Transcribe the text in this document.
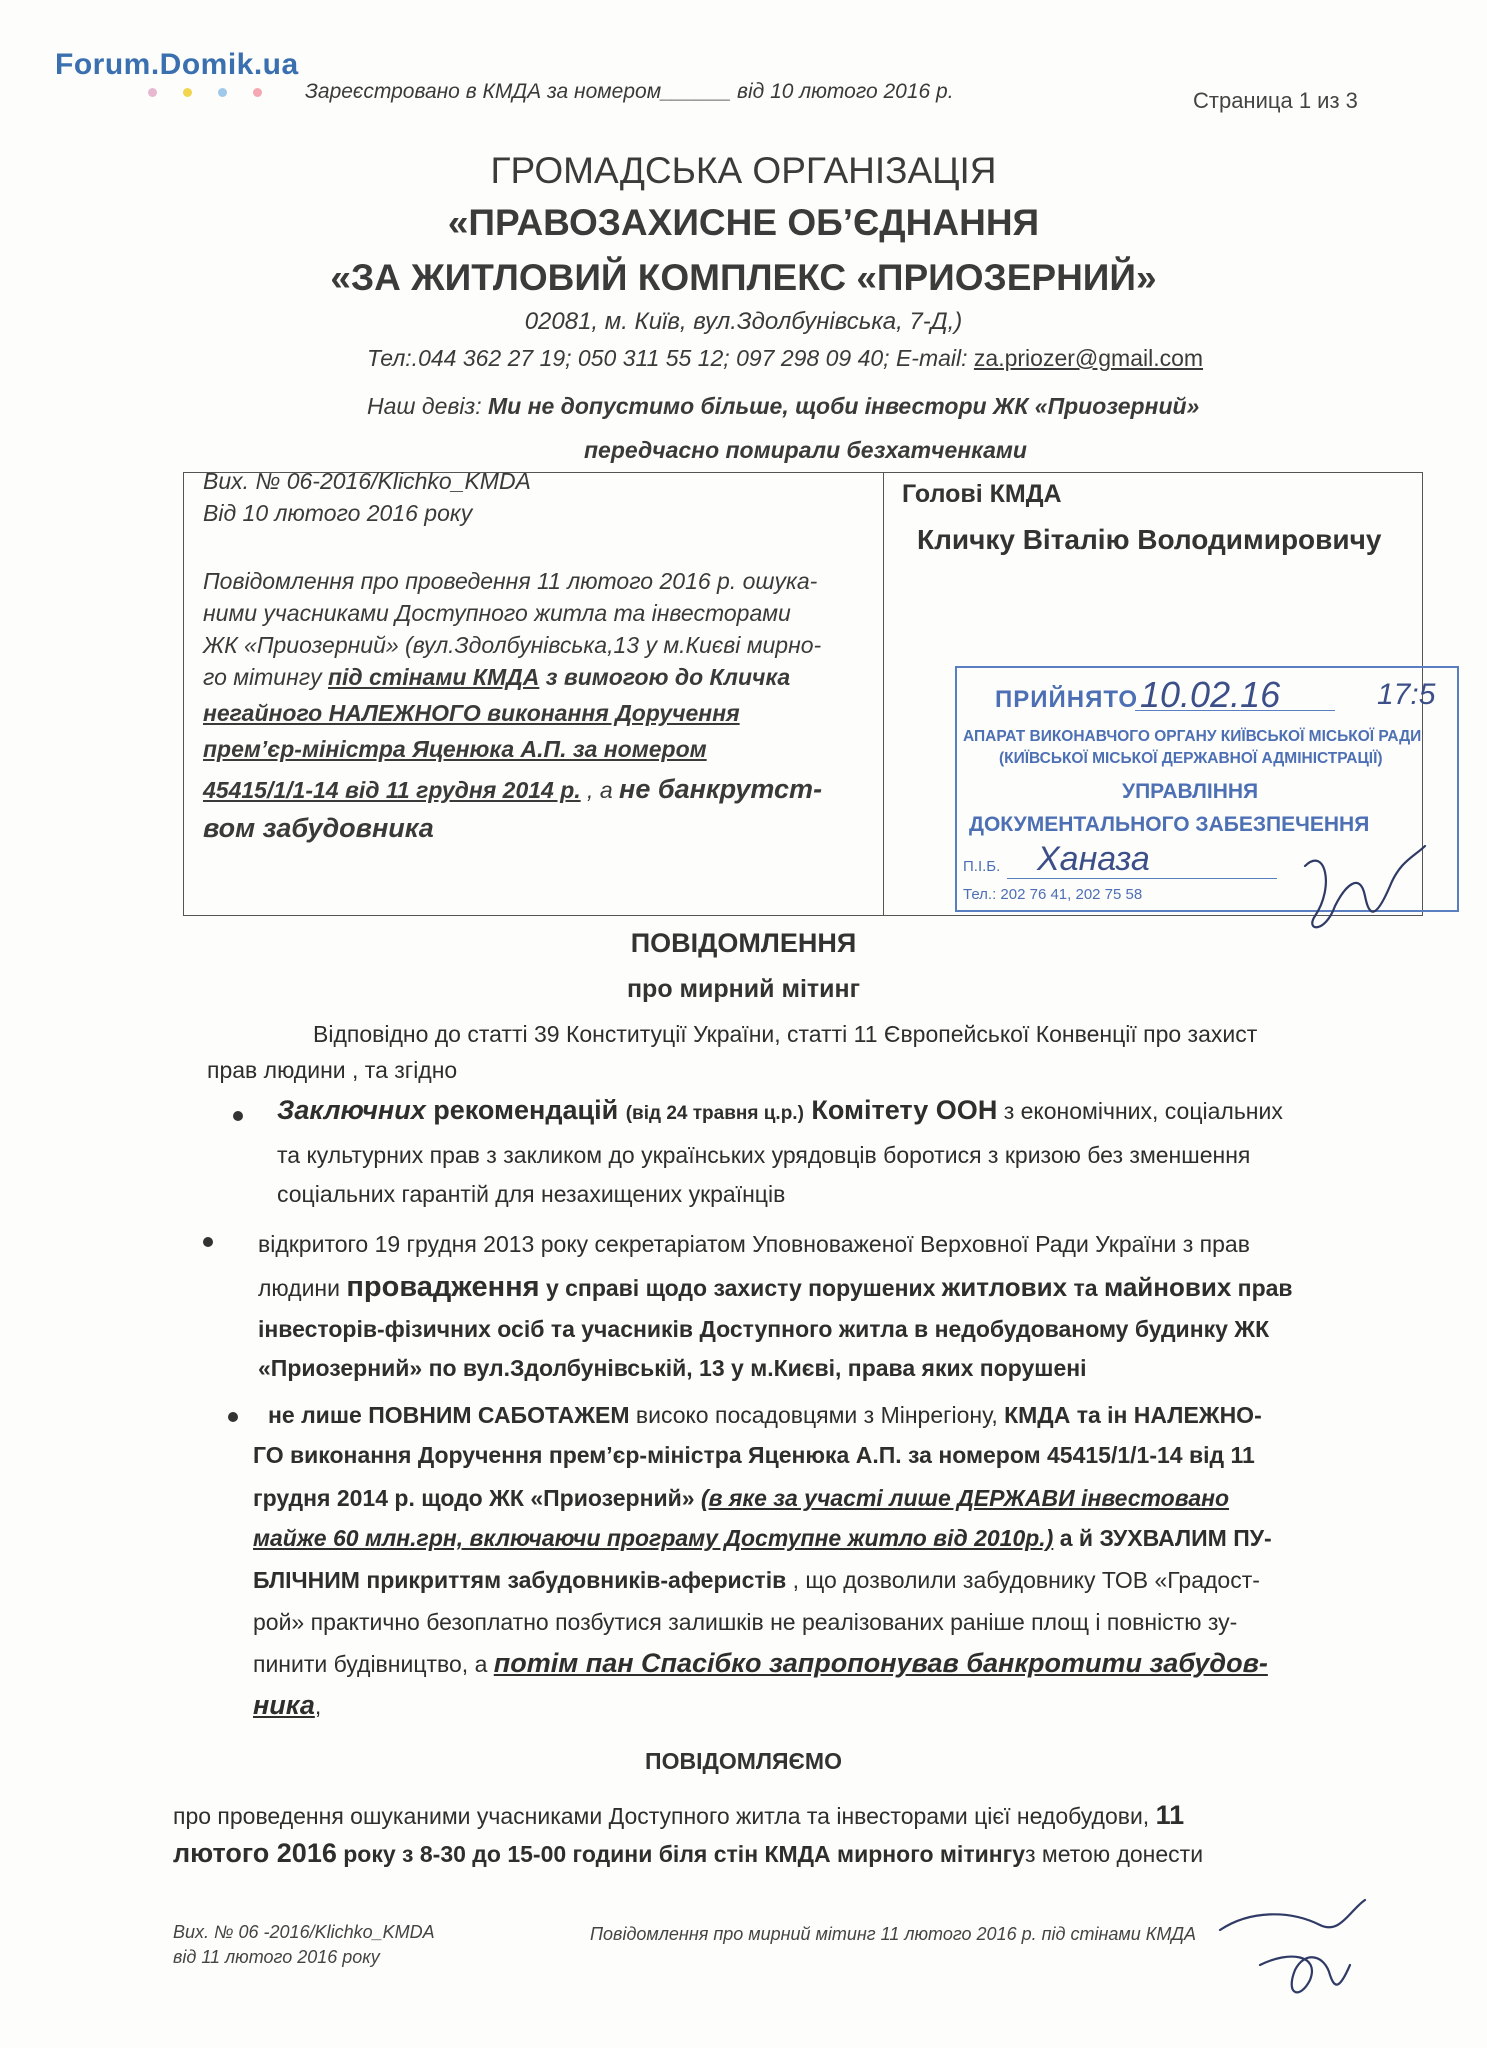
Forum.Domik.ua
Зареєстровано в КМДА за номером______ від 10 лютого 2016 р.	Страница 1 из 3
ГРОМАДСЬКА ОРГАНІЗАЦІЯ
«ПРАВОЗАХИСНЕ ОБ’ЄДНАННЯ
«ЗА ЖИТЛОВИЙ КОМПЛЕКС «ПРИОЗЕРНИЙ»
02081, м. Київ, вул.Здолбунівська, 7-Д,)
Тел:.044 362 27 19; 050 311 55 12; 097 298 09 40; E-mail: za.priozer@gmail.com
Наш девіз: Ми не допустимо більше, щоби інвестори ЖК «Приозерний»
передчасно помирали безхатченками
Вих. № 06-2016/Klichko_KMDA
Від 10 лютого 2016 року
Повідомлення про проведення 11 лютого 2016 р. ошука-
ними учасниками Доступного житла та інвесторами
ЖК «Приозерний» (вул.Здолбунівська,13 у м.Києві мирно-
го мітингу під стінами КМДА з вимогою до Кличка
негайного НАЛЕЖНОГО виконання Доручення
прем’єр-міністра Яценюка А.П. за номером
45415/1/1-14 від 11 грудня 2014 р. , а не банкрутст-
вом забудовника
Голові КМДА
Кличку Віталію Володимировичу
ПРИЙНЯТО 10.02.16	17:5
АПАРАТ ВИКОНАВЧОГО ОРГАНУ КИЇВСЬКОЇ МІСЬКОЇ РАДИ
(КИЇВСЬКОЇ МІСЬКОЇ ДЕРЖАВНОЇ АДМІНІСТРАЦІЇ)
УПРАВЛІННЯ
ДОКУМЕНТАЛЬНОГО ЗАБЕЗПЕЧЕННЯ
П.І.Б. Ханаза
Тел.: 202 76 41, 202 75 58
ПОВІДОМЛЕННЯ
про мирний мітинг
Відповідно до статті 39 Конституції України, статті 11 Європейської Конвенції про захист
прав людини , та згідно
Заключних рекомендацій (від 24 травня ц.р.) Комітету ООН з економічних, соціальних
та культурних прав з закликом до українських урядовців боротися з кризою без зменшення
соціальних гарантій для незахищених українців
відкритого 19 грудня 2013 року секретаріатом Уповноваженої Верховної Ради України з прав
людини провадження у справі щодо захисту порушених житлових та майнових прав
інвесторів-фізичних осіб та учасників Доступного житла в недобудованому будинку ЖК
«Приозерний» по вул.Здолбунівській, 13 у м.Києві, права яких порушені
не лише ПОВНИМ САБОТАЖЕМ високо посадовцями з Мінрегіону, КМДА та ін НАЛЕЖНО-
ГО виконання Доручення прем’єр-міністра Яценюка А.П. за номером 45415/1/1-14 від 11
грудня 2014 р. щодо ЖК «Приозерний» (в яке за участі лише ДЕРЖАВИ інвестовано
майже 60 млн.грн, включаючи програму Доступне житло від 2010р.) а й ЗУХВАЛИМ ПУ-
БЛІЧНИМ прикриттям забудовників-аферистів , що дозволили забудовнику ТОВ «Градост-
рой» практично безоплатно позбутися залишків не реалізованих раніше площ і повністю зу-
пинити будівництво, а потім пан Спасібко запропонував банкротити забудов-
ника,
ПОВІДОМЛЯЄМО
про проведення ошуканими учасниками Доступного житла та інвесторами цієї недобудови, 11
лютого 2016 року з 8-30 до 15-00 години біля стін КМДА мирного мітингуз метою донести
Вих. № 06 -2016/Klichko_KMDA
від 11 лютого 2016 року
Повідомлення про мирний мітинг 11 лютого 2016 р. під стінами КМДА
